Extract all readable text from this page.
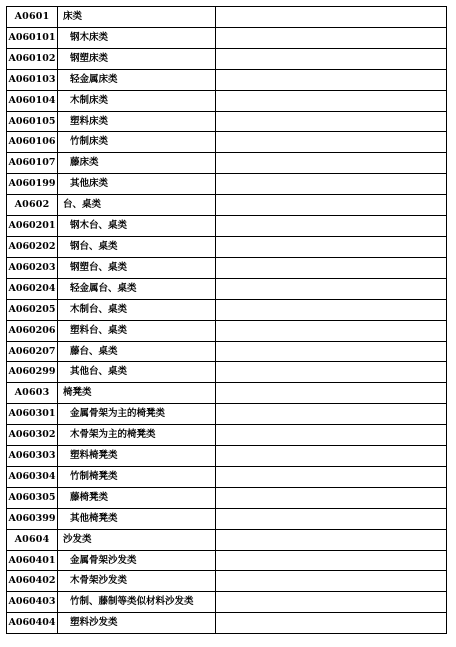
A0601	床类	
A060101	钢木床类	
A060102	钢塑床类	
A060103	轻金属床类	
A060104	木制床类	
A060105	塑料床类	
A060106	竹制床类	
A060107	藤床类	
A060199	其他床类	
A0602	台、桌类	
A060201	钢木台、桌类	
A060202	钢台、桌类	
A060203	钢塑台、桌类	
A060204	轻金属台、桌类	
A060205	木制台、桌类	
A060206	塑料台、桌类	
A060207	藤台、桌类	
A060299	其他台、桌类	
A0603	椅凳类	
A060301	金属骨架为主的椅凳类	
A060302	木骨架为主的椅凳类	
A060303	塑料椅凳类	
A060304	竹制椅凳类	
A060305	藤椅凳类	
A060399	其他椅凳类	
A0604	沙发类	
A060401	金属骨架沙发类	
A060402	木骨架沙发类	
A060403	竹制、藤制等类似材料沙发类	
A060404	塑料沙发类	
